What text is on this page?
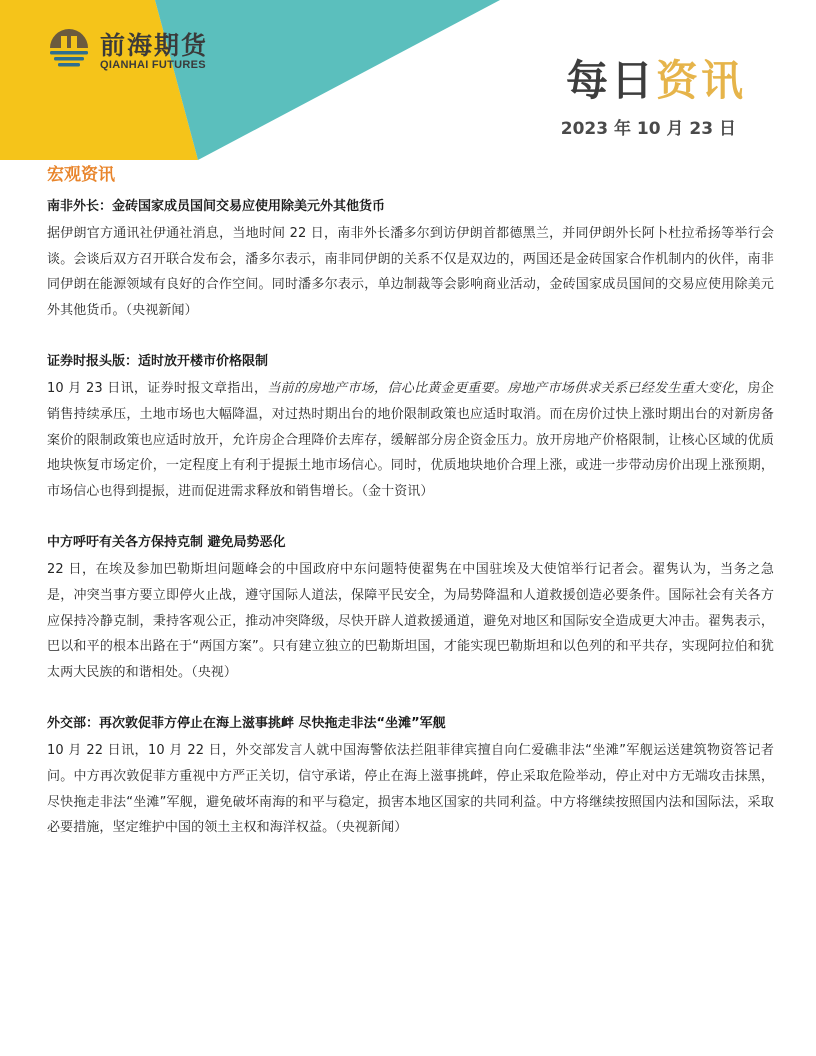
前海期货
QIANHAI FUTURES	每日资讯
2023 年 10 月 23 日
宏观资讯
南非外长：金砖国家成员国间交易应使用除美元外其他货币

据伊朗官方通讯社伊通社消息，当地时间 22 日，南非外长潘多尔到访伊朗首都德黑兰，并同伊朗外长阿卜杜拉希扬等举行会谈。会谈后双方召开联合发布会，潘多尔表示，南非同伊朗的关系不仅是双边的，两国还是金砖国家合作机制内的伙伴，南非同伊朗在能源领域有良好的合作空间。同时潘多尔表示，单边制裁等会影响商业活动，金砖国家成员国间的交易应使用除美元外其他货币。（央视新闻）

证券时报头版：适时放开楼市价格限制

10 月 23 日讯，证券时报文章指出，当前的房地产市场，信心比黄金更重要。房地产市场供求关系已经发生重大变化，房企销售持续承压，土地市场也大幅降温，对过热时期出台的地价限制政策也应适时取消。而在房价过快上涨时期出台的对新房备案价的限制政策也应适时放开，允许房企合理降价去库存，缓解部分房企资金压力。放开房地产价格限制，让核心区域的优质地块恢复市场定价，一定程度上有利于提振土地市场信心。同时，优质地块地价合理上涨，或进一步带动房价出现上涨预期，市场信心也得到提振，进而促进需求释放和销售增长。（金十资讯）

中方呼吁有关各方保持克制 避免局势恶化

22 日，在埃及参加巴勒斯坦问题峰会的中国政府中东问题特使翟隽在中国驻埃及大使馆举行记者会。翟隽认为，当务之急是，冲突当事方要立即停火止战，遵守国际人道法，保障平民安全，为局势降温和人道救援创造必要条件。国际社会有关各方应保持冷静克制，秉持客观公正，推动冲突降级，尽快开辟人道救援通道，避免对地区和国际安全造成更大冲击。翟隽表示，巴以和平的根本出路在于“两国方案”。只有建立独立的巴勒斯坦国，才能实现巴勒斯坦和以色列的和平共存，实现阿拉伯和犹太两大民族的和谐相处。（央视）

外交部：再次敦促菲方停止在海上滋事挑衅 尽快拖走非法“坐滩”军舰

10 月 22 日讯，10 月 22 日，外交部发言人就中国海警依法拦阻菲律宾擅自向仁爱礁非法“坐滩”军舰运送建筑物资答记者问。中方再次敦促菲方重视中方严正关切，信守承诺，停止在海上滋事挑衅，停止采取危险举动，停止对中方无端攻击抹黑，尽快拖走非法“坐滩”军舰，避免破坏南海的和平与稳定，损害本地区国家的共同利益。中方将继续按照国内法和国际法，采取必要措施，坚定维护中国的领土主权和海洋权益。（央视新闻）
